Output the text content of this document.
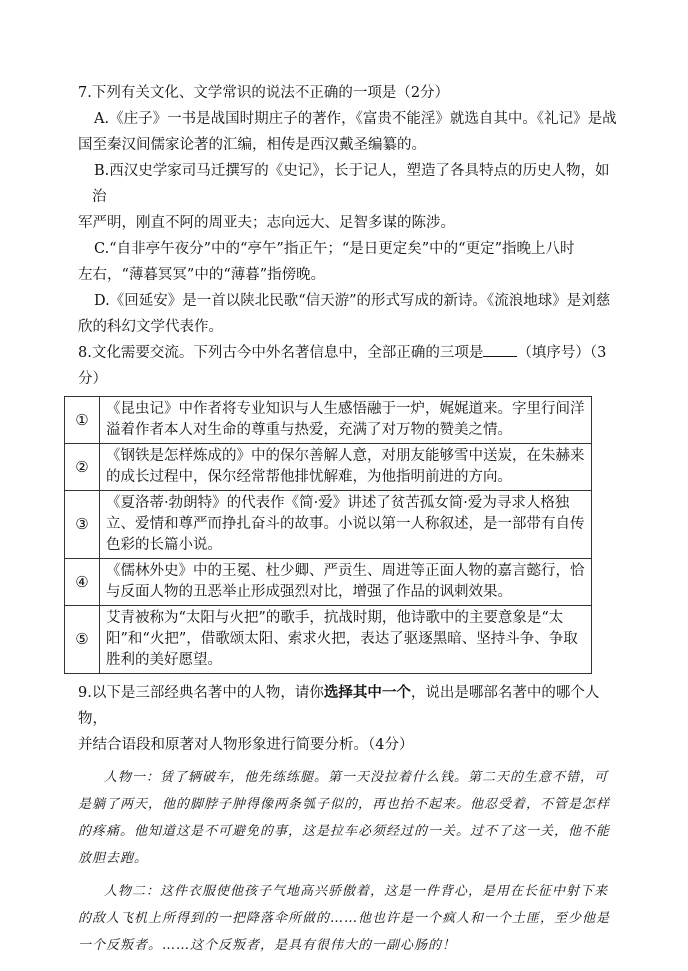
7.下列有关文化、文学常识的说法不正确的一项是（2分）
A.《庄子》一书是战国时期庄子的著作，《富贵不能淫》就选自其中。《礼记》是战
国至秦汉间儒家论著的汇编，相传是西汉戴圣编纂的。
B.西汉史学家司马迁撰写的《史记》，长于记人，塑造了各具特点的历史人物，如治
军严明，刚直不阿的周亚夫；志向远大、足智多谋的陈涉。
C.“自非亭午夜分”中的“亭午”指正午；“是日更定矣”中的“更定”指晚上八时
左右，“薄暮冥冥”中的“薄暮”指傍晚。
D.《回延安》是一首以陕北民歌“信天游”的形式写成的新诗。《流浪地球》是刘慈
欣的科幻文学代表作。
8.文化需要交流。下列古今中外名著信息中，全部正确的三项是 （填序号）（3分）
①	《昆虫记》中作者将专业知识与人生感悟融于一炉，娓娓道来。字里行间洋溢着作者本人对生命的尊重与热爱，充满了对万物的赞美之情。
②	《钢铁是怎样炼成的》中的保尔善解人意，对朋友能够雪中送炭，在朱赫来的成长过程中，保尔经常帮他排忧解难，为他指明前进的方向。
③	《夏洛蒂·勃朗特》的代表作《简·爱》讲述了贫苦孤女简·爱为寻求人格独立、爱情和尊严而挣扎奋斗的故事。小说以第一人称叙述，是一部带有自传色彩的长篇小说。
④	《儒林外史》中的王冕、杜少卿、严贡生、周进等正面人物的嘉言懿行，恰与反面人物的丑恶举止形成强烈对比，增强了作品的讽刺效果。
⑤	艾青被称为“太阳与火把”的歌手，抗战时期，他诗歌中的主要意象是“太阳”和“火把”，借歌颂太阳、索求火把，表达了驱逐黑暗、坚持斗争、争取胜利的美好愿望。
9.以下是三部经典名著中的人物，请你选择其中一个，说出是哪部名著中的哪个人物，
并结合语段和原著对人物形象进行简要分析。（4分）
人物一：赁了辆破车，他先练练腿。第一天没拉着什么钱。第二天的生意不错，可是躺了两天，他的脚脖子肿得像两条瓠子似的，再也抬不起来。他忍受着，不管是怎样的疼痛。他知道这是不可避免的事，这是拉车必须经过的一关。过不了这一关，他不能放胆去跑。
人物二：这件衣服使他孩子气地高兴骄傲着，这是一件背心，是用在长征中射下来的敌人飞机上所得到的一把降落伞所做的……他也许是一个疯人和一个土匪，至少他是一个反叛者。……这个反叛者，是具有很伟大的一副心肠的！
